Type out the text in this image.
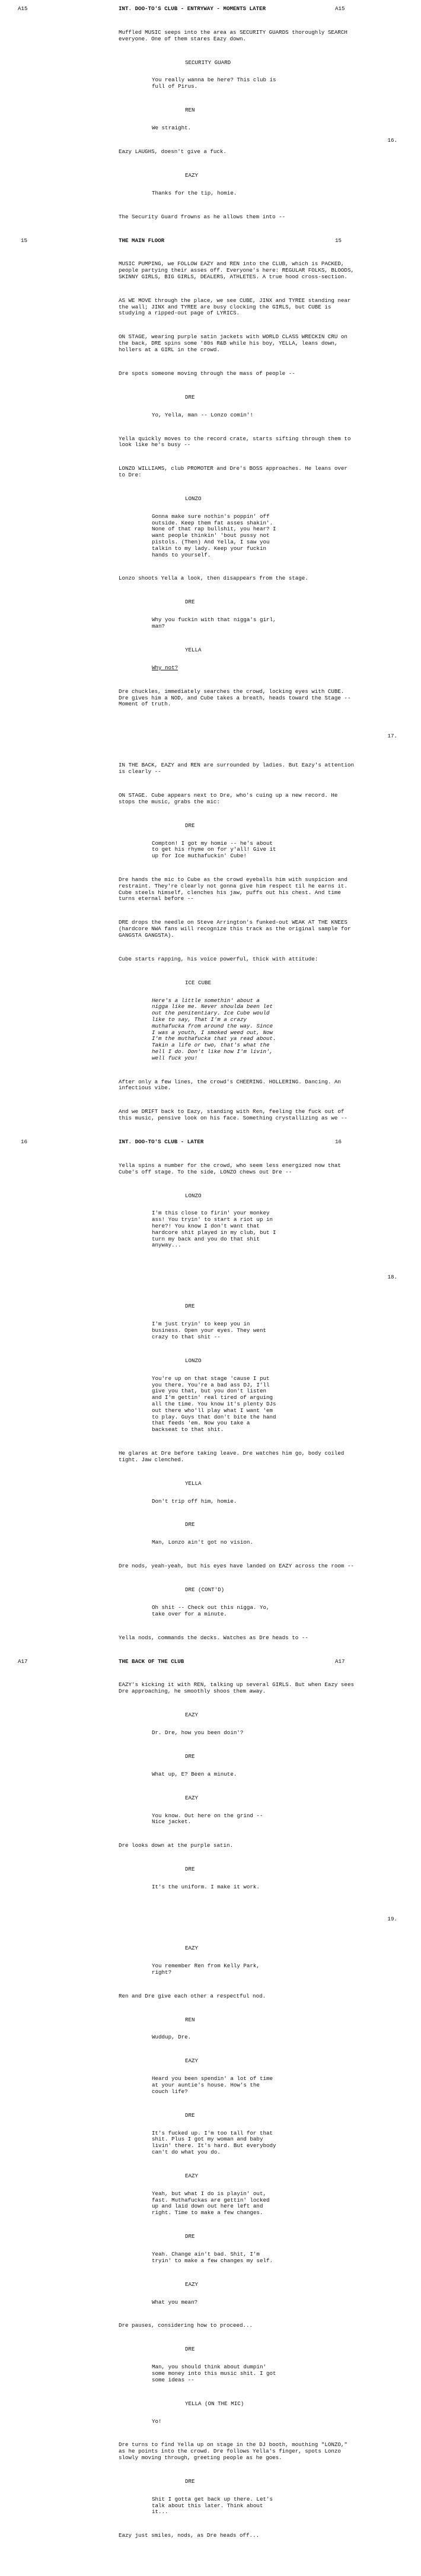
A15	INT. DOO-TO'S CLUB - ENTRYWAY - MOMENTS LATER	A15
Muffled MUSIC seeps into the area as SECURITY GUARDS thoroughly SEARCH everyone. One of them stares Eazy down.
SECURITY GUARD
You really wanna be here? This club is full of Pirus.
REN
We straight.
Eazy LAUGHS, doesn't give a fuck.
EAZY
Thanks for the tip, homie.
The Security Guard frowns as he allows them into --
15	THE MAIN FLOOR	15
MUSIC PUMPING, we FOLLOW EAZY and REN into the CLUB, which is PACKED, people partying their asses off. Everyone's here: REGULAR FOLKS, BLOODS, SKINNY GIRLS, BIG GIRLS, DEALERS, ATHLETES. A true hood cross-section.
AS WE MOVE through the place, we see CUBE, JINX and TYREE standing near the wall; JINX and TYREE are busy clocking the GIRLS, but CUBE is studying a ripped-out page of LYRICS.
ON STAGE, wearing purple satin jackets with WORLD CLASS WRECKIN CRU on the back, DRE spins some '80s R&B while his boy, YELLA, leans down, hollers at a GIRL in the crowd.
Dre spots someone moving through the mass of people --
DRE
Yo, Yella, man -- Lonzo comin'!
Yella quickly moves to the record crate, starts sifting through them to look like he's busy --
LONZO WILLIAMS, club PROMOTER and Dre's BOSS approaches. He leans over to Dre:
LONZO
Gonna make sure nothin's poppin' off outside. Keep them fat asses shakin'. None of that rap bullshit, you hear? I want people thinkin' 'bout pussy not pistols. (Then) And Yella, I saw you talkin to my lady. Keep your fuckin hands to yourself.
Lonzo shoots Yella a look, then disappears from the stage.
DRE
Why you fuckin with that nigga's girl, man?
YELLA
Why not?
Dre chuckles, immediately searches the crowd, locking eyes with CUBE. Dre gives him a NOD, and Cube takes a breath, heads toward the Stage -- Moment of truth.
17.
IN THE BACK, EAZY and REN are surrounded by ladies. But Eazy's attention is clearly --
ON STAGE. Cube appears next to Dre, who's cuing up a new record. He stops the music, grabs the mic:
DRE
Compton! I got my homie -- he's about to get his rhyme on for y'all! Give it up for Ice muthafuckin' Cube!
Dre hands the mic to Cube as the crowd eyeballs him with suspicion and restraint. They're clearly not gonna give him respect til he earns it. Cube steels himself, clenches his jaw, puffs out his chest. And time turns eternal before --
DRE drops the needle on Steve Arrington's funked-out WEAK AT THE KNEES (hardcore NWA fans will recognize this track as the original sample for GANGSTA GANGSTA).
Cube starts rapping, his voice powerful, thick with attitude:
ICE CUBE
Here's a little somethin' about a nigga like me. Never shoulda been let out the penitentiary. Ice Cube would like to say, That I'm a crazy muthafucka from around the way. Since I was a youth, I smoked weed out, Now I'm the muthafucka that ya read about. Takin a life or two, that's what the hell I do. Don't like how I'm livin', well fuck you!
After only a few lines, the crowd's CHEERING. HOLLERING. Dancing. An infectious vibe.
And we DRIFT back to Eazy, standing with Ren, feeling the fuck out of this music, pensive look on his face. Something crystallizing as we --
16	INT. DOO-TO'S CLUB - LATER	16
Yella spins a number for the crowd, who seem less energized now that Cube's off stage. To the side, LONZO chews out Dre --
LONZO
I'm this close to firin' your monkey ass! You tryin' to start a riot up in here?! You know I don't want that hardcore shit played in my club, but I turn my back and you do that shit anyway...
18.
DRE
I'm just tryin' to keep you in business. Open your eyes. They went crazy to that shit --
LONZO
You're up on that stage 'cause I put you there. You're a bad ass DJ, I'll give you that, but you don't listen and I'm gettin' real tired of arguing all the time. You know it's plenty DJs out there who'll play what I want 'em to play. Guys that don't bite the hand that feeds 'em. Now you take a backseat to that shit.
He glares at Dre before taking leave. Dre watches him go, body coiled tight. Jaw clenched.
YELLA
Don't trip off him, homie.
DRE
Man, Lonzo ain't got no vision.
Dre nods, yeah-yeah, but his eyes have landed on EAZY across the room --
DRE (CONT'D)
Oh shit -- Check out this nigga. Yo, take over for a minute.
Yella nods, commands the decks. Watches as Dre heads to --
A17	THE BACK OF THE CLUB	A17
EAZY's kicking it with REN, talking up several GIRLS. But when Eazy sees Dre approaching, he smoothly shoos them away.
EAZY
Dr. Dre, how you been doin'?
DRE
What up, E? Been a minute.
EAZY
You know. Out here on the grind -- Nice jacket.
Dre looks down at the purple satin.
DRE
It's the uniform. I make it work.
19.
EAZY
You remember Ren from Kelly Park, right?
Ren and Dre give each other a respectful nod.
REN
Wuddup, Dre.
EAZY
Heard you been spendin' a lot of time at your auntie's house. How's the couch life?
DRE
It's fucked up. I'm too tall for that shit. Plus I got my woman and baby livin' there. It's hard. But everybody can't do what you do.
EAZY
Yeah, but what I do is playin' out, fast. Muthafuckas are gettin' locked up and laid down out here left and right. Time to make a few changes.
DRE
Yeah. Change ain't bad. Shit, I'm tryin' to make a few changes my self.
EAZY
What you mean?
Dre pauses, considering how to proceed...
DRE
Man, you should think about dumpin' some money into this music shit. I got some ideas --
YELLA (ON THE MIC)
Yo!
Dre turns to find Yella up on stage in the DJ booth, mouthing "LONZO," as he points into the crowd. Dre follows Yella's finger, spots Lonzo slowly moving through, greeting people as he goes.
DRE
Shit I gotta get back up there. Let's talk about this later. Think about it...
Eazy just smiles, nods, as Dre heads off...
16.
